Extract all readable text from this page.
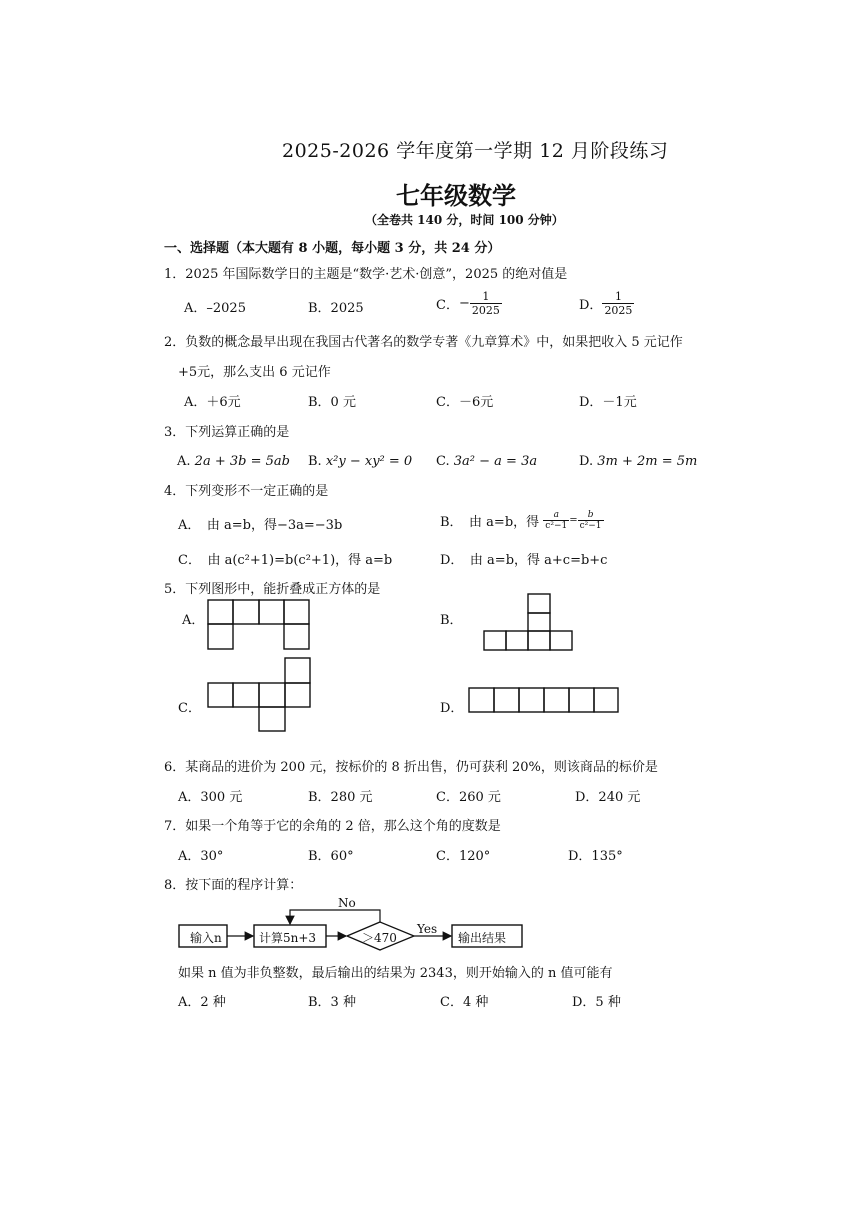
2025-2026 学年度第一学期 12 月阶段练习
七年级数学
（全卷共 140 分，时间 100 分钟）
一、选择题（本大题有 8 小题，每小题 3 分，共 24 分）
1．2025 年国际数学日的主题是“数学·艺术·创意”，2025 的绝对值是
A．–2025	B．2025	C．− $\frac{1}{2025}$	D． $\frac{1}{2025}$
2．负数的概念最早出现在我国古代著名的数学专著《九章算术》中，如果把收入 5 元记作
+5元，那么支出 6 元记作
A．＋6元	B．0 元	C．－6元	D．－1元
3．下列运算正确的是
A. 2a + 3b = 5ab B. x²y − xy² = 0 C. 3a² − a = 3a	D. 3m + 2m = 5m
4．下列变形不一定正确的是
A．　由 a=b，得−3a=−3b	B．　由 a=b，得 $\frac{a}{\text{c²−1}} = \frac{b}{\text{c²−1}}$
C．　由 a(c²+1)=b(c²+1)，得 a=b	D．　由 a=b，得 a+c=b+c
5．下列图形中，能折叠成正方体的是
A．	B．
C．	D．
6．某商品的进价为 200 元，按标价的 8 折出售，仍可获利 20%，则该商品的标价是
A．300 元	B．280 元	C．260 元	D．240 元
7．如果一个角等于它的余角的 2 倍，那么这个角的度数是
A．30°	B．60°	C．120°	D．135°
8．按下面的程序计算：
输入n	计算5n+3	＞470
No
Yes
输出结果
如果 n 值为非负整数，最后输出的结果为 2343，则开始输入的 n 值可能有
A．2 种	B．3 种	C．4 种	D．5 种
